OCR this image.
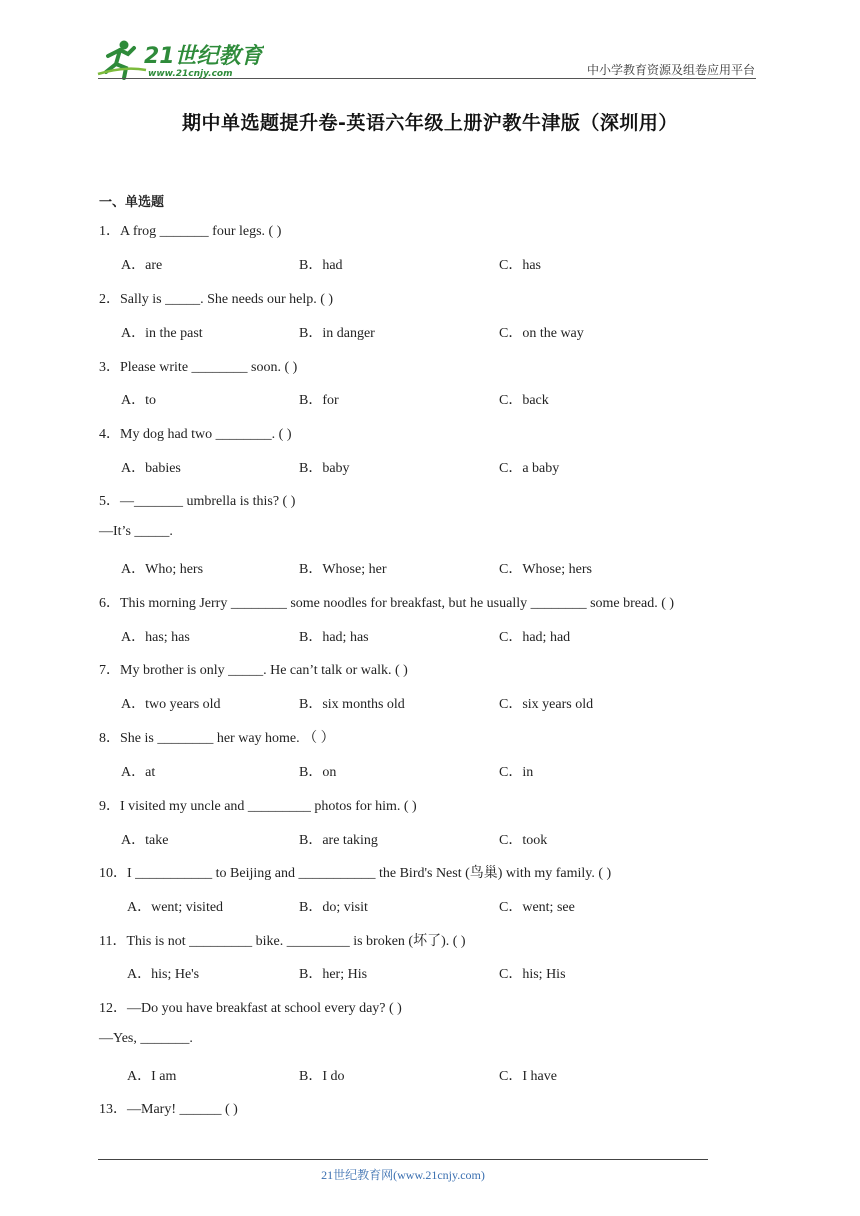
21世纪教育
www.21cnjy.com	中小学教育资源及组卷应用平台
期中单选题提升卷-英语六年级上册沪教牛津版（深圳用）
一、单选题
1．A frog _______ four legs. ( )
A．are	B．had	C．has
2．Sally is _____. She needs our help. ( )
A．in the past	B．in danger	C．on the way
3．Please write ________ soon. ( )
A．to	B．for	C．back
4．My dog had two ________. ( )
A．babies	B．baby	C．a baby
5．—_______ umbrella is this? ( )
—It’s _____.
A．Who; hers	B．Whose; her	C．Whose; hers
6．This morning Jerry ________ some noodles for breakfast, but he usually ________ some bread. ( )
A．has; has	B．had; has	C．had; had
7．My brother is only _____. He can’t talk or walk. ( )
A．two years old	B．six months old	C．six years old
8．She is ________ her way home. （ ）
A．at	B．on	C．in
9．I visited my uncle and _________ photos for him. ( )
A．take	B．are taking	C．took
10．I ___________ to Beijing and ___________ the Bird's Nest (鸟巢) with my family. ( )
A．went; visited	B．do; visit	C．went; see
11．This is not _________ bike. _________ is broken (坏了). ( )
A．his; He's	B．her; His	C．his; His
12．—Do you have breakfast at school every day? ( )
—Yes, _______.
A．I am	B．I do	C．I have
13．—Mary! ______ ( )
21世纪教育网(www.21cnjy.com)
